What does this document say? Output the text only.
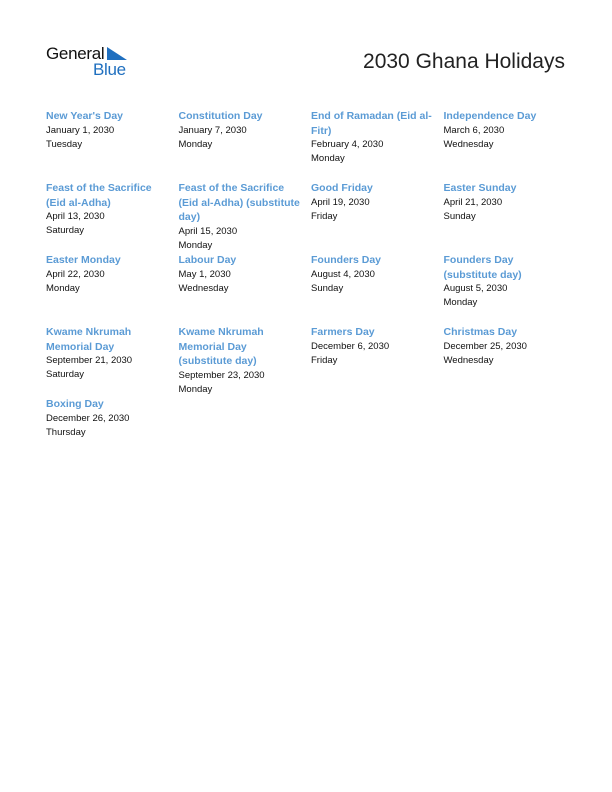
General
Blue	2030 Ghana Holidays
New Year's Day
January 1, 2030
Tuesday
Constitution Day
January 7, 2030
Monday
End of Ramadan (Eid al-Fitr)
February 4, 2030
Monday
Independence Day
March 6, 2030
Wednesday
Feast of the Sacrifice (Eid al-Adha)
April 13, 2030
Saturday
Feast of the Sacrifice (Eid al-Adha) (substitute day)
April 15, 2030
Monday
Good Friday
April 19, 2030
Friday
Easter Sunday
April 21, 2030
Sunday
Easter Monday
April 22, 2030
Monday
Labour Day
May 1, 2030
Wednesday
Founders Day
August 4, 2030
Sunday
Founders Day (substitute day)
August 5, 2030
Monday
Kwame Nkrumah Memorial Day
September 21, 2030
Saturday
Kwame Nkrumah Memorial Day (substitute day)
September 23, 2030
Monday
Farmers Day
December 6, 2030
Friday
Christmas Day
December 25, 2030
Wednesday
Boxing Day
December 26, 2030
Thursday
